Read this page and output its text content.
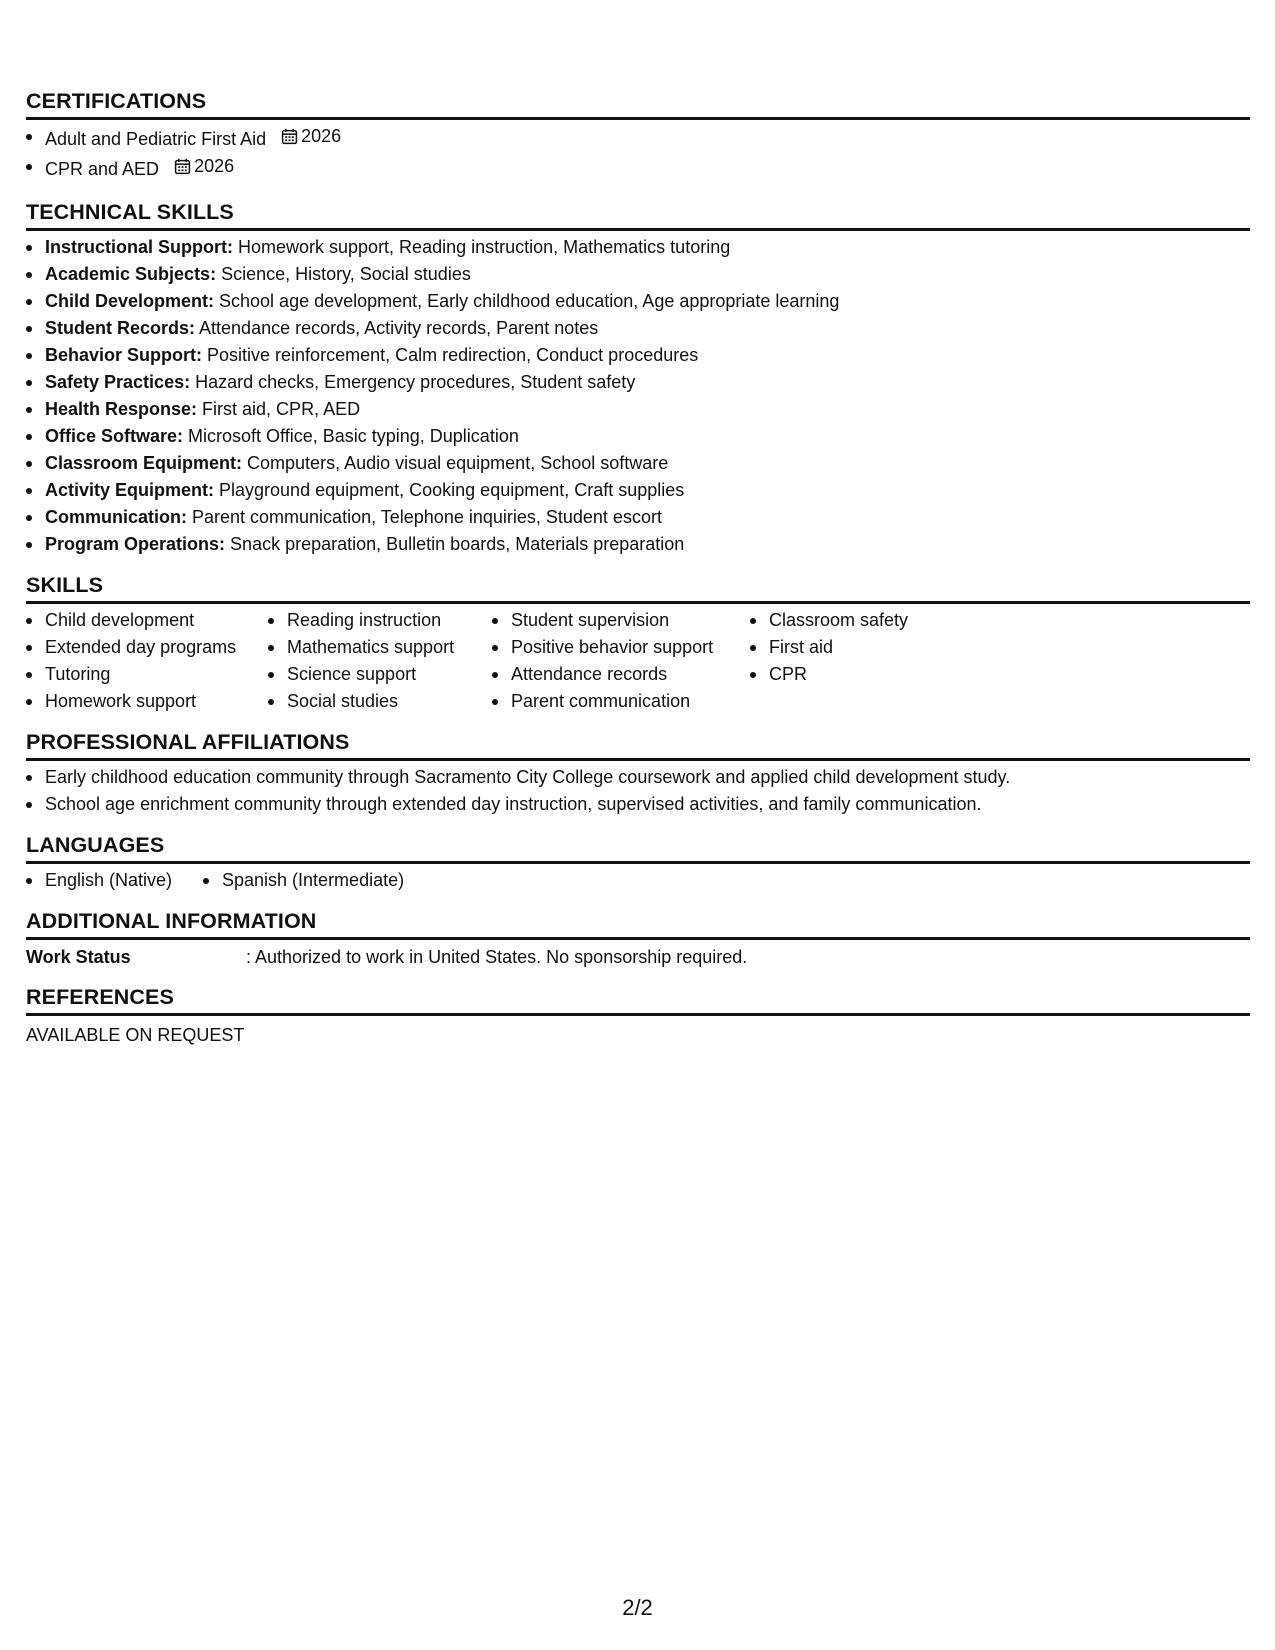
CERTIFICATIONS
Adult and Pediatric First Aid 2026
CPR and AED 2026
TECHNICAL SKILLS
Instructional Support: Homework support, Reading instruction, Mathematics tutoring
Academic Subjects: Science, History, Social studies
Child Development: School age development, Early childhood education, Age appropriate learning
Student Records: Attendance records, Activity records, Parent notes
Behavior Support: Positive reinforcement, Calm redirection, Conduct procedures
Safety Practices: Hazard checks, Emergency procedures, Student safety
Health Response: First aid, CPR, AED
Office Software: Microsoft Office, Basic typing, Duplication
Classroom Equipment: Computers, Audio visual equipment, School software
Activity Equipment: Playground equipment, Cooking equipment, Craft supplies
Communication: Parent communication, Telephone inquiries, Student escort
Program Operations: Snack preparation, Bulletin boards, Materials preparation
SKILLS
Child development
Extended day programs
Tutoring
Homework support
Reading instruction
Mathematics support
Science support
Social studies
Student supervision
Positive behavior support
Attendance records
Parent communication
Classroom safety
First aid
CPR
PROFESSIONAL AFFILIATIONS
Early childhood education community through Sacramento City College coursework and applied child development study.
School age enrichment community through extended day instruction, supervised activities, and family communication.
LANGUAGES
English (Native)	Spanish (Intermediate)
ADDITIONAL INFORMATION
Work Status	: Authorized to work in United States. No sponsorship required.
REFERENCES
AVAILABLE ON REQUEST
2/2
